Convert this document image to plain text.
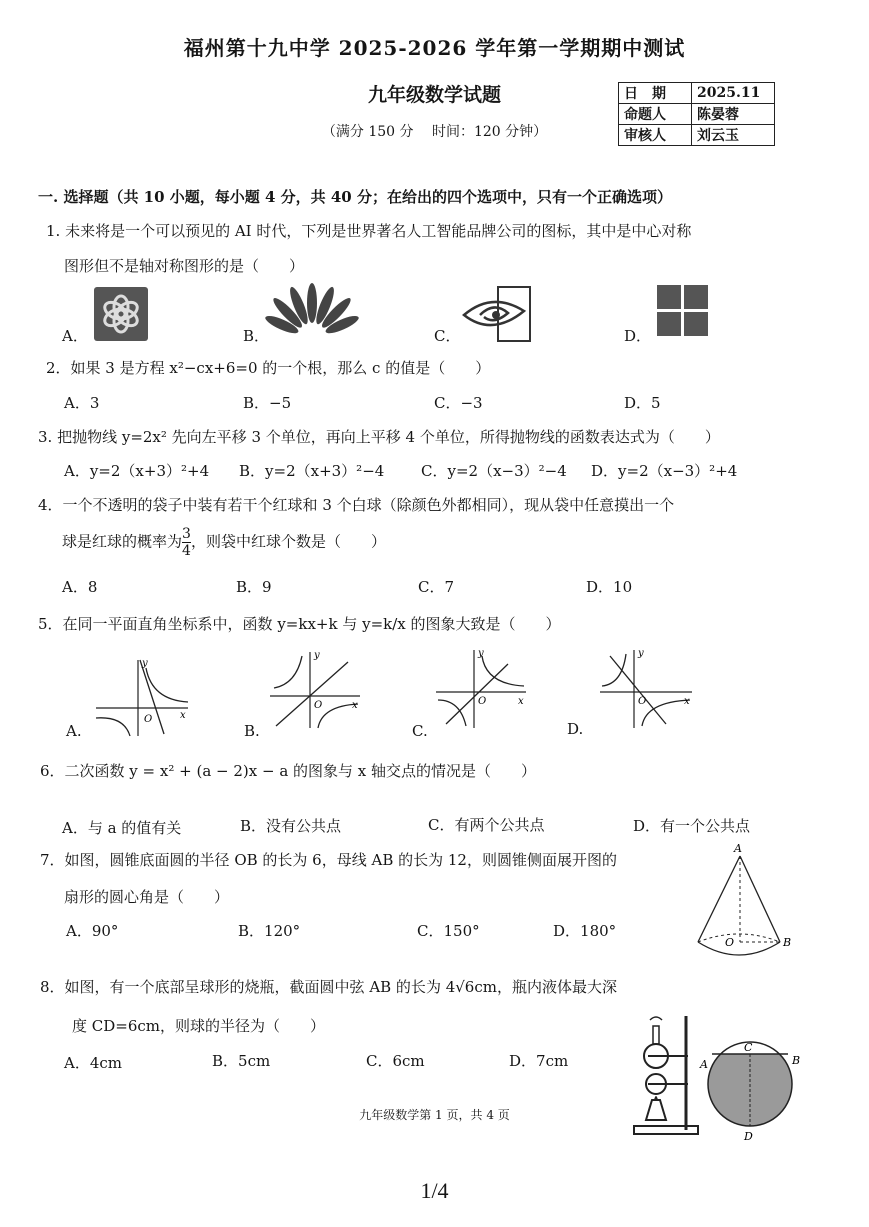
福州第十九中学 2025-2026 学年第一学期期中测试
九年级数学试题
（满分 150 分　 时间：120 分钟）
日　期	2025.11
命题人	陈晏蓉
审核人	刘云玉
一. 选择题（共 10 小题，每小题 4 分，共 40 分；在给出的四个选项中，只有一个正确选项）
1. 未来将是一个可以预见的 AI 时代，下列是世界著名人工智能品牌公司的图标，其中是中心对称
图形但不是轴对称图形的是（　　）
A．	B．	C．	D．
2．如果 3 是方程 x²−cx+6=0 的一个根，那么 c 的值是（　　）
A．3	B．−5	C．−3	D．5
3. 把抛物线 y=2x² 先向左平移 3 个单位，再向上平移 4 个单位，所得抛物线的函数表达式为（　　）
A．y=2（x+3）²+4 B．y=2（x+3）²−4 C．y=2（x−3）²−4 D．y=2（x−3）²+4
4．一个不透明的袋子中装有若干个红球和 3 个白球（除颜色外都相同），现从袋中任意摸出一个
球是红球的概率为 $\frac{3}{4}$ ，则袋中红球个数是（　　）
A．8	B．9	C．7	D．10
5．在同一平面直角坐标系中，函数 y=kx+k 与 y=k/x 的图象大致是（　　）
y
x
O
y
x
O
y
x
O
y
x
O
A.	B.	C.	D.
6．二次函数 y = x² + (a − 2)x − a 的图象与 x 轴交点的情况是（　　）
A．与 a 的值有关	B．没有公共点	C．有两个公共点	D．有一个公共点
7．如图，圆锥底面圆的半径 OB 的长为 6，母线 AB 的长为 12，则圆锥侧面展开图的
扇形的圆心角是（　　）
A．90°	B．120°	C．150°	D．180°
A
O	B
8．如图，有一个底部呈球形的烧瓶，截面圆中弦 AB 的长为 4√6cm，瓶内液体最大深
度 CD=6cm，则球的半径为（　　）
A．4cm	B．5cm	C．6cm	D．7cm	A	B
C
D
九年级数学第 1 页，共 4 页
1/4
